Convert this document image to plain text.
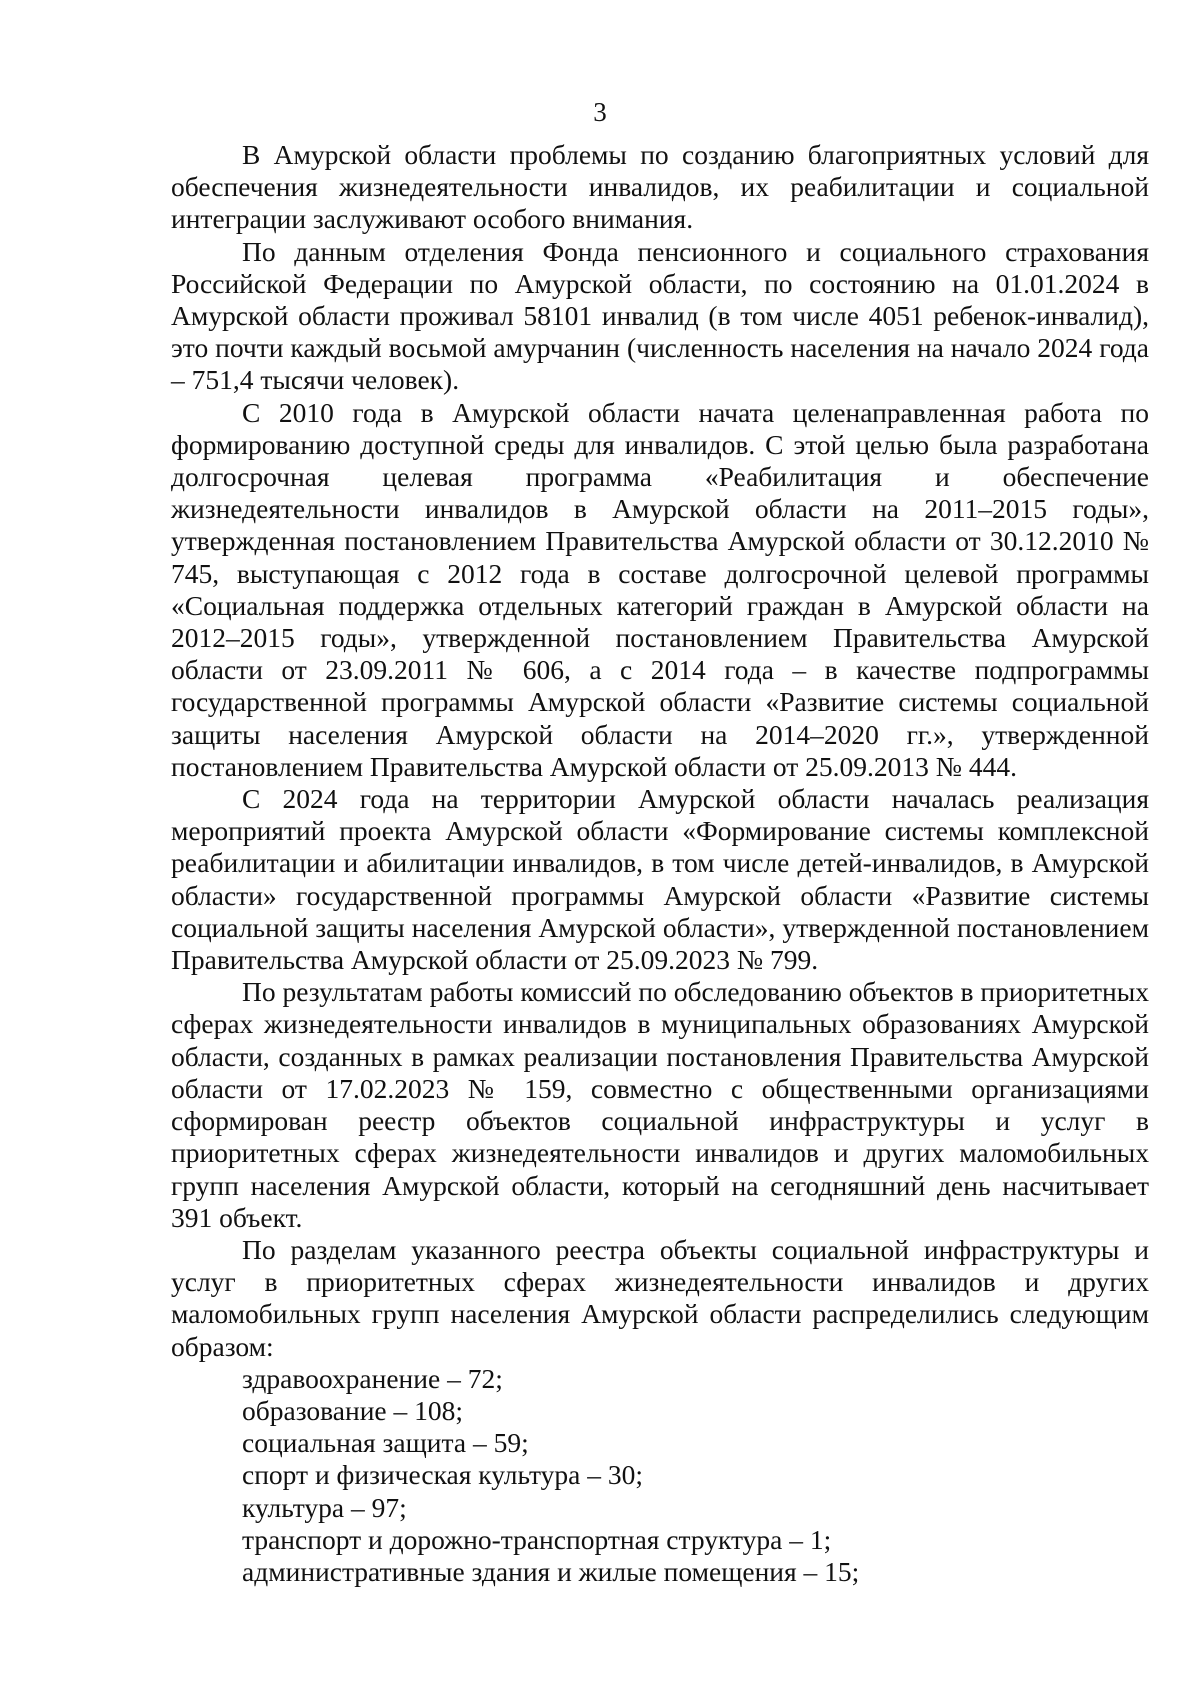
3

В Амурской области проблемы по созданию благоприятных условий для обеспечения жизнедеятельности инвалидов, их реабилитации и социальной интеграции заслуживают особого внимания.

По данным отделения Фонда пенсионного и социального страхования Российской Федерации по Амурской области, по состоянию на 01.01.2024 в Амурской области проживал 58101 инвалид (в том числе 4051 ребенок-инвалид), это почти каждый восьмой амурчанин (численность населения на начало 2024 года – 751,4 тысячи человек).

С 2010 года в Амурской области начата целенаправленная работа по формированию доступной среды для инвалидов. С этой целью была разработана долгосрочная целевая программа «Реабилитация и обеспечение жизнедеятельности инвалидов в Амурской области на 2011–2015 годы», утвержденная постановлением Правительства Амурской области от 30.12.2010 № 745, выступающая с 2012 года в составе долгосрочной целевой программы «Социальная поддержка отдельных категорий граждан в Амурской области на 2012–2015 годы», утвержденной постановлением Правительства Амурской области от 23.09.2011 № 606, а с 2014 года – в качестве подпрограммы государственной программы Амурской области «Развитие системы социальной защиты населения Амурской области на 2014–2020 гг.», утвержденной постановлением Правительства Амурской области от 25.09.2013 № 444.

С 2024 года на территории Амурской области началась реализация мероприятий проекта Амурской области «Формирование системы комплексной реабилитации и абилитации инвалидов, в том числе детей-инвалидов, в Амурской области» государственной программы Амурской области «Развитие системы социальной защиты населения Амурской области», утвержденной постановлением Правительства Амурской области от 25.09.2023 № 799.

По результатам работы комиссий по обследованию объектов в приоритетных сферах жизнедеятельности инвалидов в муниципальных образованиях Амурской области, созданных в рамках реализации постановления Правительства Амурской области от 17.02.2023 № 159, совместно с общественными организациями сформирован реестр объектов социальной инфраструктуры и услуг в приоритетных сферах жизнедеятельности инвалидов и других маломобильных групп населения Амурской области, который на сегодняшний день насчитывает 391 объект.

По разделам указанного реестра объекты социальной инфраструктуры и услуг в приоритетных сферах жизнедеятельности инвалидов и других маломобильных групп населения Амурской области распределились следующим образом:

здравоохранение – 72;
образование – 108;
социальная защита – 59;
спорт и физическая культура – 30;
культура – 97;
транспорт и дорожно-транспортная структура – 1;
административные здания и жилые помещения – 15;
